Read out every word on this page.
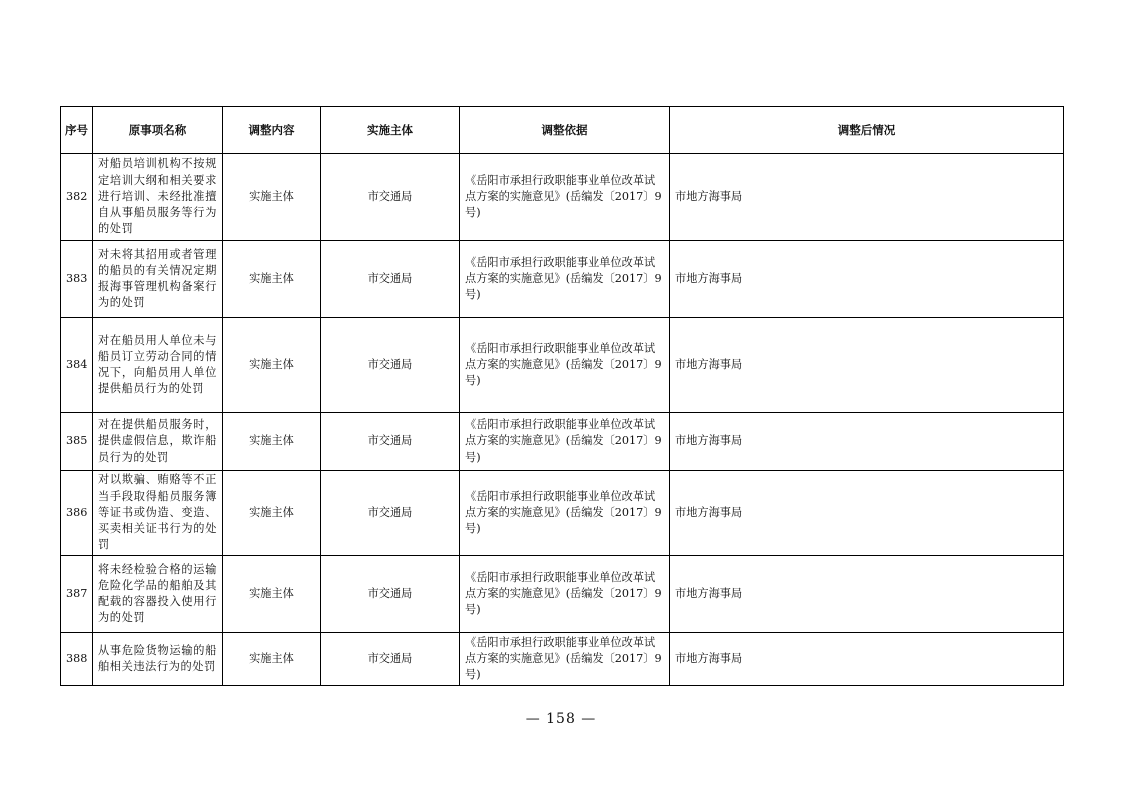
序号	原事项名称	调整内容	实施主体	调整依据	调整后情况
382	对船员培训机构不按规定培训大纲和相关要求进行培训、未经批准擅自从事船员服务等行为的处罚	实施主体	市交通局	《岳阳市承担行政职能事业单位改革试点方案的实施意见》(岳编发〔2017〕9号)	市地方海事局
383	对未将其招用或者管理的船员的有关情况定期报海事管理机构备案行为的处罚	实施主体	市交通局	《岳阳市承担行政职能事业单位改革试点方案的实施意见》(岳编发〔2017〕9号)	市地方海事局
384	对在船员用人单位未与船员订立劳动合同的情况下，向船员用人单位提供船员行为的处罚	实施主体	市交通局	《岳阳市承担行政职能事业单位改革试点方案的实施意见》(岳编发〔2017〕9号)	市地方海事局
385	对在提供船员服务时，提供虚假信息，欺诈船员行为的处罚	实施主体	市交通局	《岳阳市承担行政职能事业单位改革试点方案的实施意见》(岳编发〔2017〕9号)	市地方海事局
386	对以欺骗、贿赂等不正当手段取得船员服务簿等证书或伪造、变造、买卖相关证书行为的处罚	实施主体	市交通局	《岳阳市承担行政职能事业单位改革试点方案的实施意见》(岳编发〔2017〕9号)	市地方海事局
387	将未经检验合格的运输危险化学品的船舶及其配载的容器投入使用行为的处罚	实施主体	市交通局	《岳阳市承担行政职能事业单位改革试点方案的实施意见》(岳编发〔2017〕9号)	市地方海事局
388	从事危险货物运输的船舶相关违法行为的处罚	实施主体	市交通局	《岳阳市承担行政职能事业单位改革试点方案的实施意见》(岳编发〔2017〕9号)	市地方海事局
— 158 —
